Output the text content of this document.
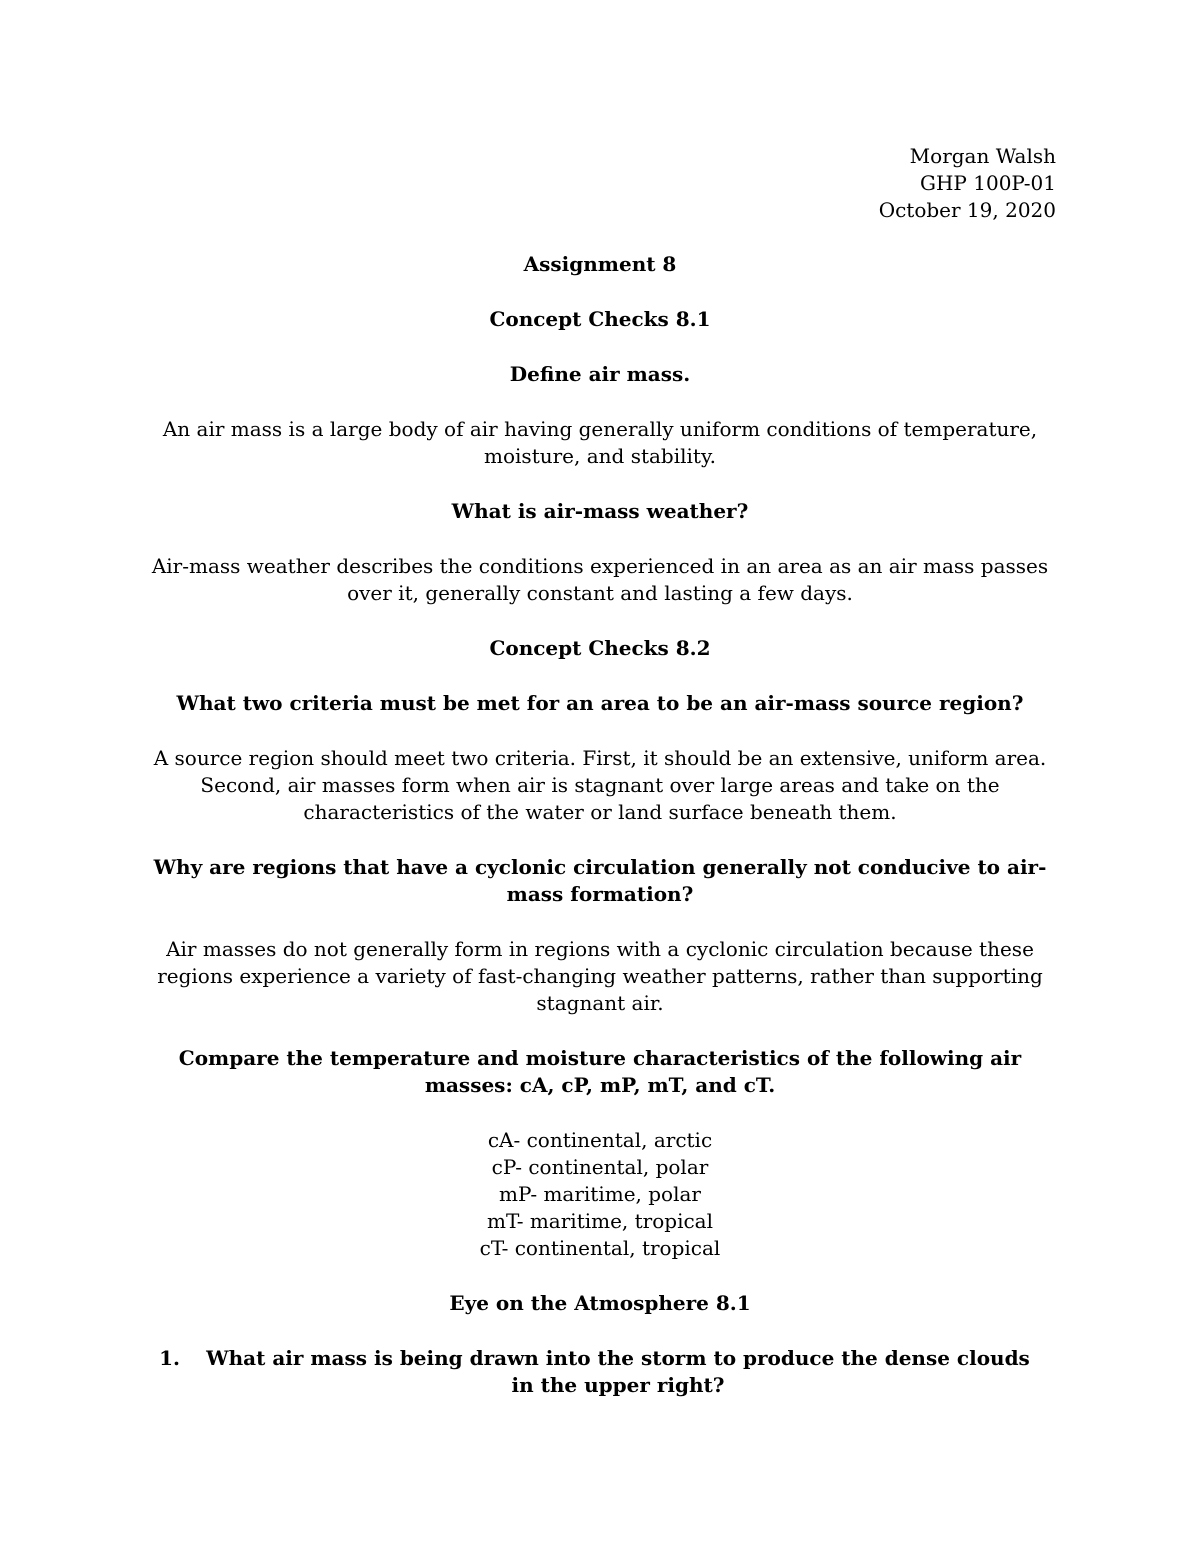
Morgan Walsh
GHP 100P-01
October 19, 2020
Assignment 8
Concept Checks 8.1
Define air mass.

An air mass is a large body of air having generally uniform conditions of temperature, moisture, and stability.

What is air-mass weather?

Air-mass weather describes the conditions experienced in an area as an air mass passes over it, generally constant and lasting a few days.

Concept Checks 8.2
What two criteria must be met for an area to be an air-mass source region?

A source region should meet two criteria. First, it should be an extensive, uniform area. Second, air masses form when air is stagnant over large areas and take on the characteristics of the water or land surface beneath them.

Why are regions that have a cyclonic circulation generally not conducive to air-mass formation?

Air masses do not generally form in regions with a cyclonic circulation because these regions experience a variety of fast-changing weather patterns, rather than supporting stagnant air.

Compare the temperature and moisture characteristics of the following air masses: cA, cP, mP, mT, and cT.
cA- continental, arctic
cP- continental, polar
mP- maritime, polar
mT- maritime, tropical
cT- continental, tropical
Eye on the Atmosphere 8.1
1.	What air mass is being drawn into the storm to produce the dense clouds in the upper right?
